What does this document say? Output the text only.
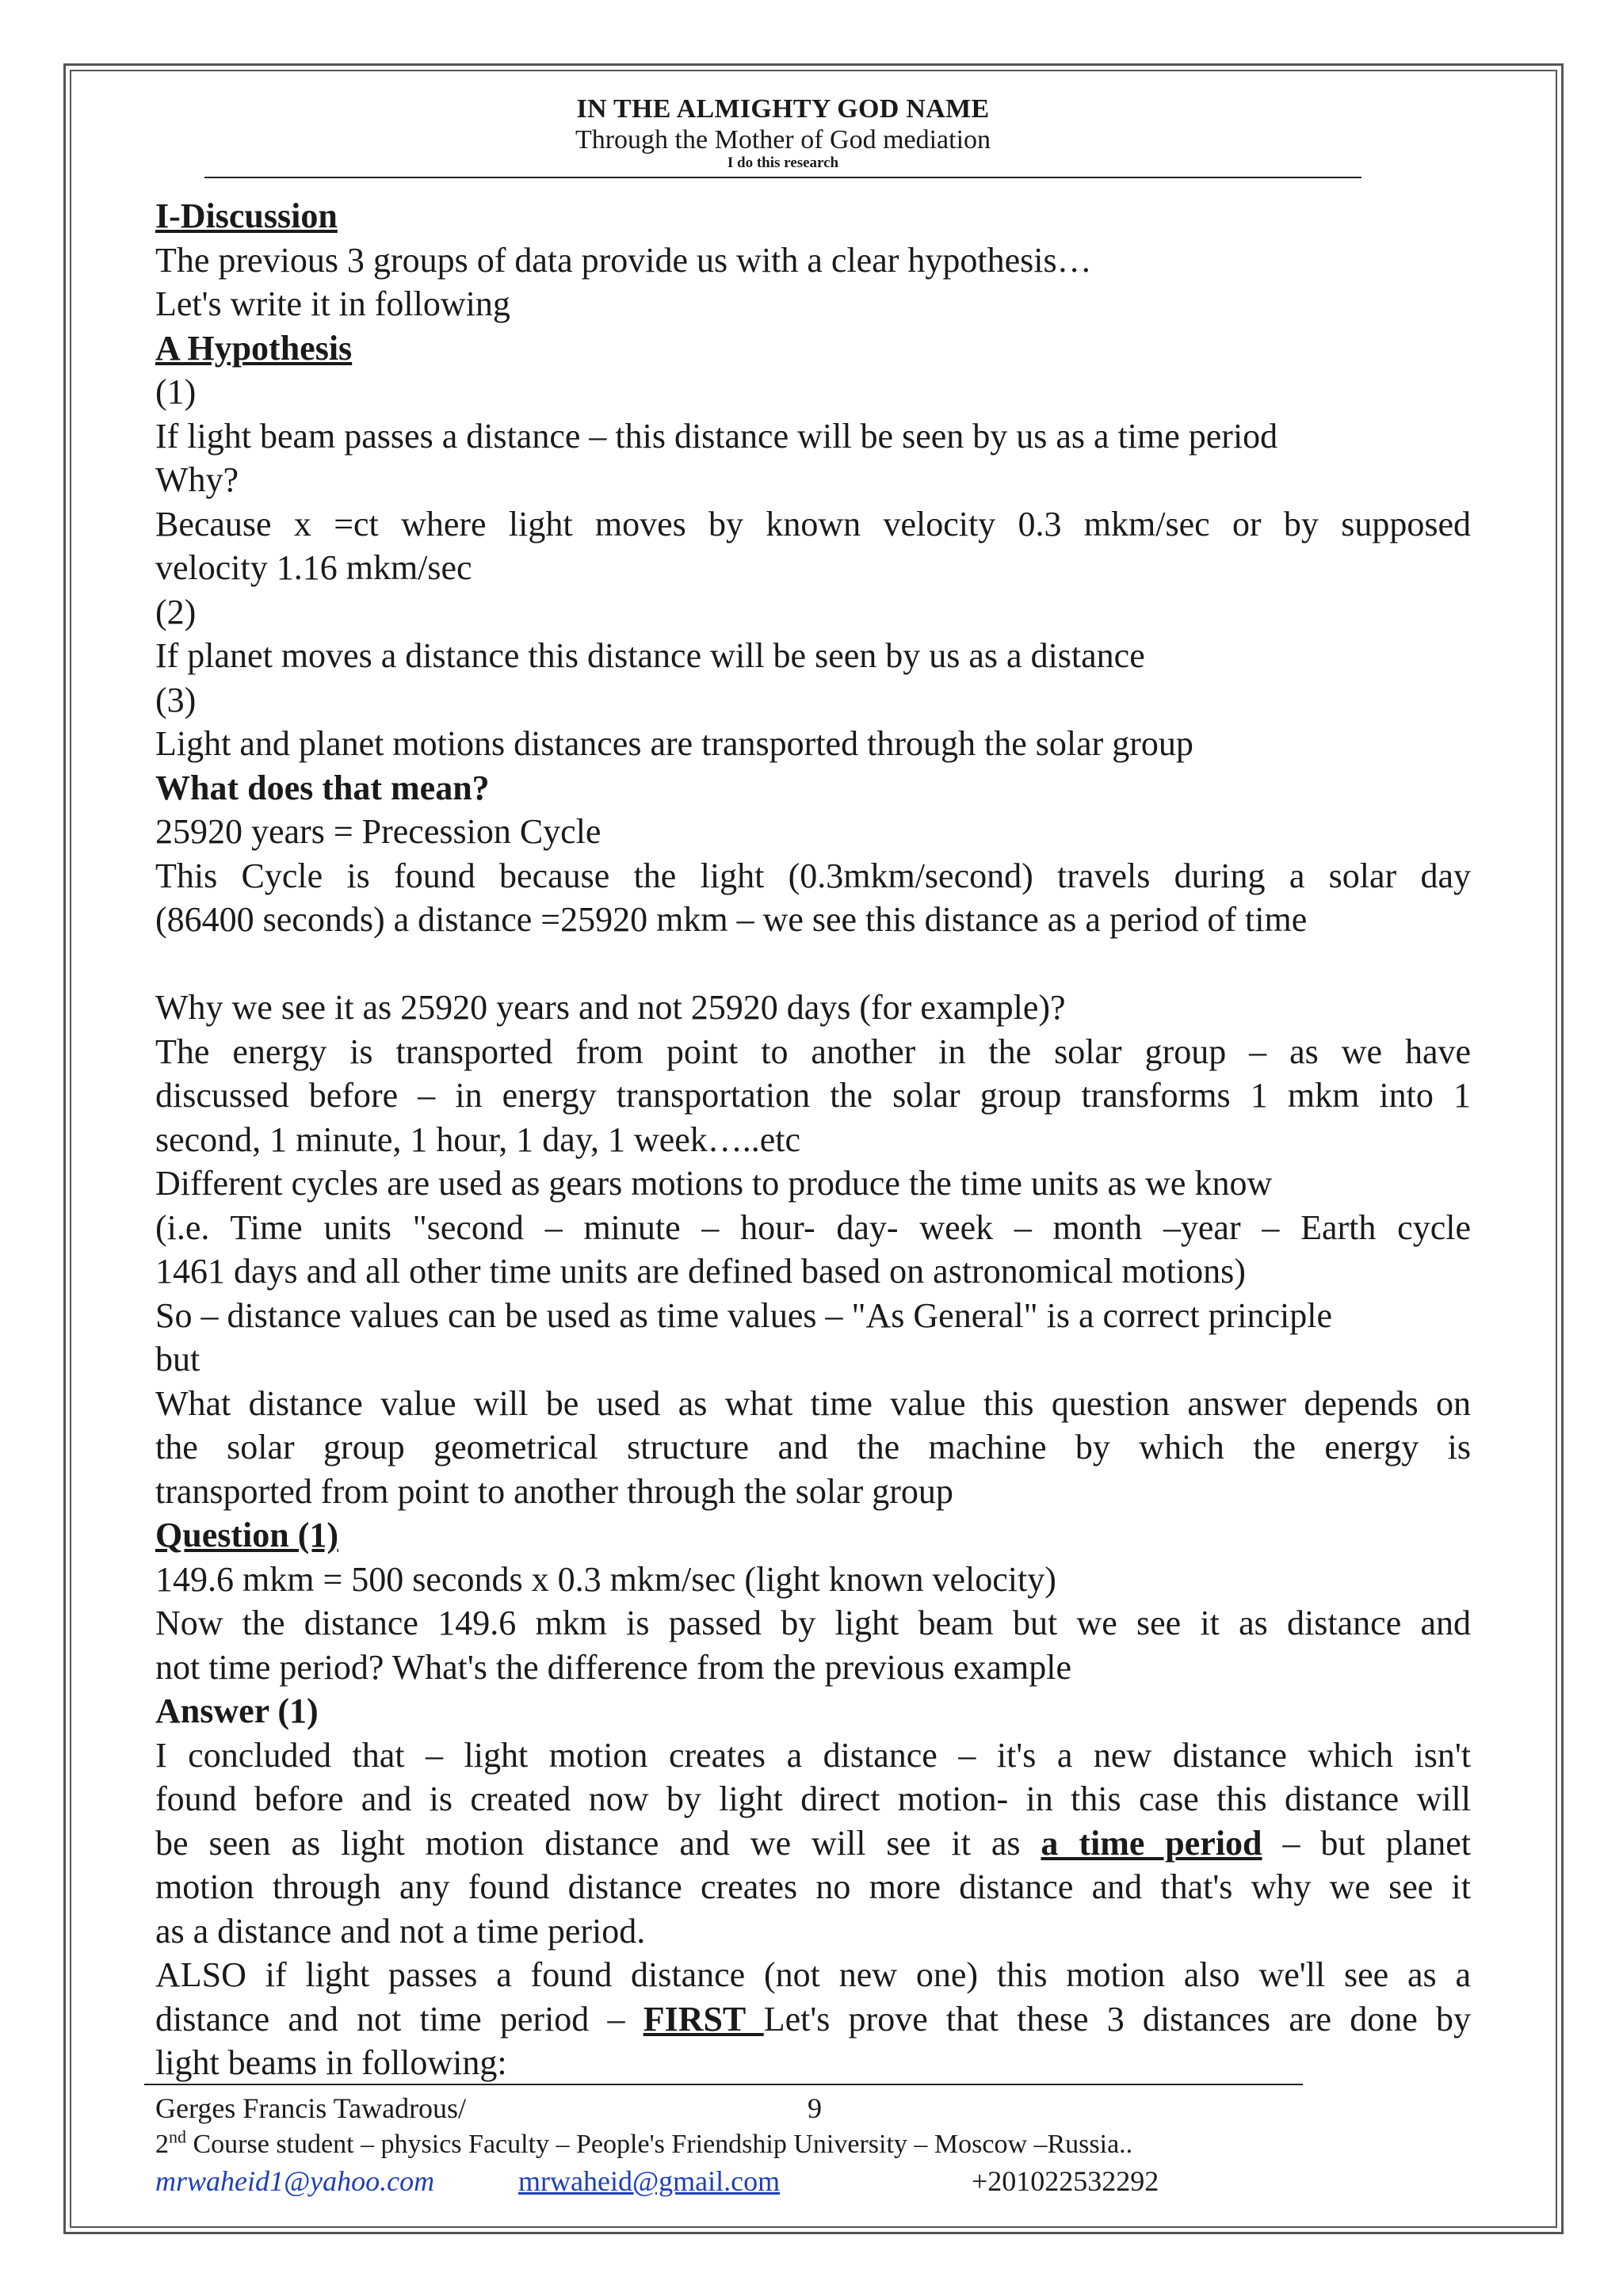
IN THE ALMIGHTY GOD NAME
Through the Mother of God mediation
I do this research
I-Discussion
The previous 3 groups of data provide us with a clear hypothesis…
Let's write it in following
A Hypothesis
(1)
If light beam passes a distance – this distance will be seen by us as a time period
Why?
Because x =ct where light moves by known velocity 0.3 mkm/sec or by supposed
velocity 1.16 mkm/sec
(2)
If planet moves a distance this distance will be seen by us as a distance
(3)
Light and planet motions distances are transported through the solar group
What does that mean?
25920 years = Precession Cycle
This Cycle is found because the light (0.3mkm/second) travels during a solar day
(86400 seconds) a distance =25920 mkm – we see this distance as a period of time

Why we see it as 25920 years and not 25920 days (for example)?
The energy is transported from point to another in the solar group – as we have
discussed before – in energy transportation the solar group transforms 1 mkm into 1
second, 1 minute, 1 hour, 1 day, 1 week…..etc
Different cycles are used as gears motions to produce the time units as we know
(i.e. Time units "second – minute – hour- day- week – month –year – Earth cycle
1461 days and all other time units are defined based on astronomical motions)
So – distance values can be used as time values – "As General" is a correct principle
but
What distance value will be used as what time value this question answer depends on
the solar group geometrical structure and the machine by which the energy is
transported from point to another through the solar group
Question (1)
149.6 mkm = 500 seconds x 0.3 mkm/sec (light known velocity)
Now the distance 149.6 mkm is passed by light beam but we see it as distance and
not time period? What's the difference from the previous example
Answer (1)
I concluded that – light motion creates a distance – it's a new distance which isn't
found before and is created now by light direct motion- in this case this distance will
be seen as light motion distance and we will see it as a time period – but planet
motion through any found distance creates no more distance and that's why we see it
as a distance and not a time period.
ALSO if light passes a found distance (not new one) this motion also we'll see as a
distance and not time period – FIRST Let's prove that these 3 distances are done by
light beams in following:
Gerges Francis Tawadrous/	9
2nd Course student – physics Faculty – People's Friendship University – Moscow –Russia..
mrwaheid1@yahoo.com	mrwaheid@gmail.com	+201022532292
